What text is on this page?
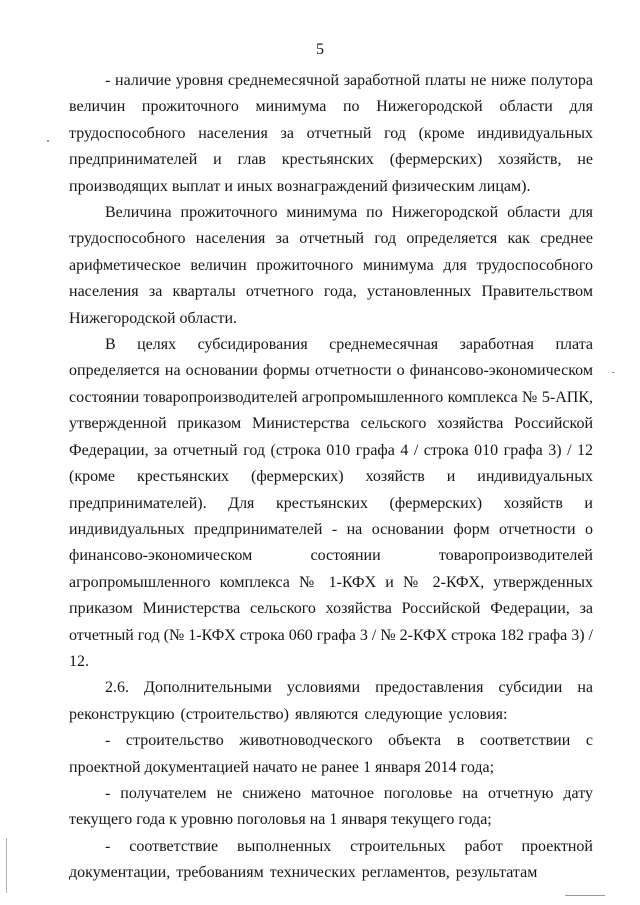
5

- наличие уровня среднемесячной заработной платы не ниже полутора величин прожиточного минимума по Нижегородской области для трудоспособного населения за отчетный год (кроме индивидуальных предпринимателей и глав крестьянских (фермерских) хозяйств, не производящих выплат и иных вознаграждений физическим лицам).

Величина прожиточного минимума по Нижегородской области для трудоспособного населения за отчетный год определяется как среднее арифметическое величин прожиточного минимума для трудоспособного населения за кварталы отчетного года, установленных Правительством Нижегородской области.

В целях субсидирования среднемесячная заработная плата определяется на основании формы отчетности о финансово-экономическом состоянии товаропроизводителей агропромышленного комплекса № 5-АПК, утвержденной приказом Министерства сельского хозяйства Российской Федерации, за отчетный год (строка 010 графа 4 / строка 010 графа 3) / 12 (кроме крестьянских (фермерских) хозяйств и индивидуальных предпринимателей). Для крестьянских (фермерских) хозяйств и индивидуальных предпринимателей - на основании форм отчетности о финансово-экономическом состоянии товаропроизводителей агропромышленного комплекса № 1-КФХ и № 2-КФХ, утвержденных приказом Министерства сельского хозяйства Российской Федерации, за отчетный год (№ 1-КФХ строка 060 графа 3 / № 2-КФХ строка 182 графа 3) / 12.

2.6. Дополнительными условиями предоставления субсидии на реконструкцию (строительство) являются следующие условия:

- строительство животноводческого объекта в соответствии с проектной документацией начато не ранее 1 января 2014 года;

- получателем не снижено маточное поголовье на отчетную дату текущего года к уровню поголовья на 1 января текущего года;

- соответствие выполненных строительных работ проектной документации, требованиям технических регламентов, результатам
